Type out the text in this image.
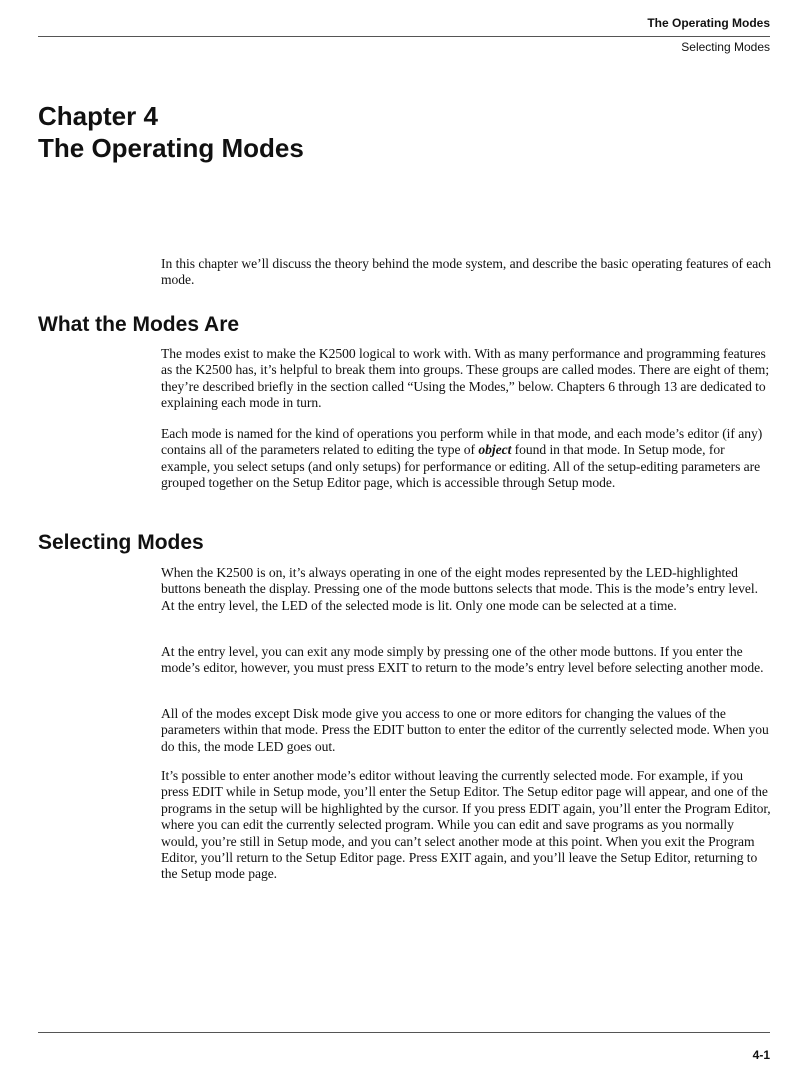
The Operating Modes
Selecting Modes
Chapter 4
The Operating Modes

In this chapter we’ll discuss the theory behind the mode system, and describe the basic operating features of each mode.

What the Modes Are

The modes exist to make the K2500 logical to work with. With as many performance and programming features as the K2500 has, it’s helpful to break them into groups. These groups are called modes. There are eight of them; they’re described briefly in the section called “Using the Modes,” below. Chapters 6 through 13 are dedicated to explaining each mode in turn.

Each mode is named for the kind of operations you perform while in that mode, and each mode’s editor (if any) contains all of the parameters related to editing the type of object found in that mode. In Setup mode, for example, you select setups (and only setups) for performance or editing. All of the setup-editing parameters are grouped together on the Setup Editor page, which is accessible through Setup mode.

Selecting Modes

When the K2500 is on, it’s always operating in one of the eight modes represented by the LED-highlighted buttons beneath the display. Pressing one of the mode buttons selects that mode. This is the mode’s entry level. At the entry level, the LED of the selected mode is lit. Only one mode can be selected at a time.

At the entry level, you can exit any mode simply by pressing one of the other mode buttons. If you enter the mode’s editor, however, you must press EXIT to return to the mode’s entry level before selecting another mode.

All of the modes except Disk mode give you access to one or more editors for changing the values of the parameters within that mode. Press the EDIT button to enter the editor of the currently selected mode. When you do this, the mode LED goes out.

It’s possible to enter another mode’s editor without leaving the currently selected mode. For example, if you press EDIT while in Setup mode, you’ll enter the Setup Editor. The Setup editor page will appear, and one of the programs in the setup will be highlighted by the cursor. If you press EDIT again, you’ll enter the Program Editor, where you can edit the currently selected program. While you can edit and save programs as you normally would, you’re still in Setup mode, and you can’t select another mode at this point. When you exit the Program Editor, you’ll return to the Setup Editor page. Press EXIT again, and you’ll leave the Setup Editor, returning to the Setup mode page.

4-1
